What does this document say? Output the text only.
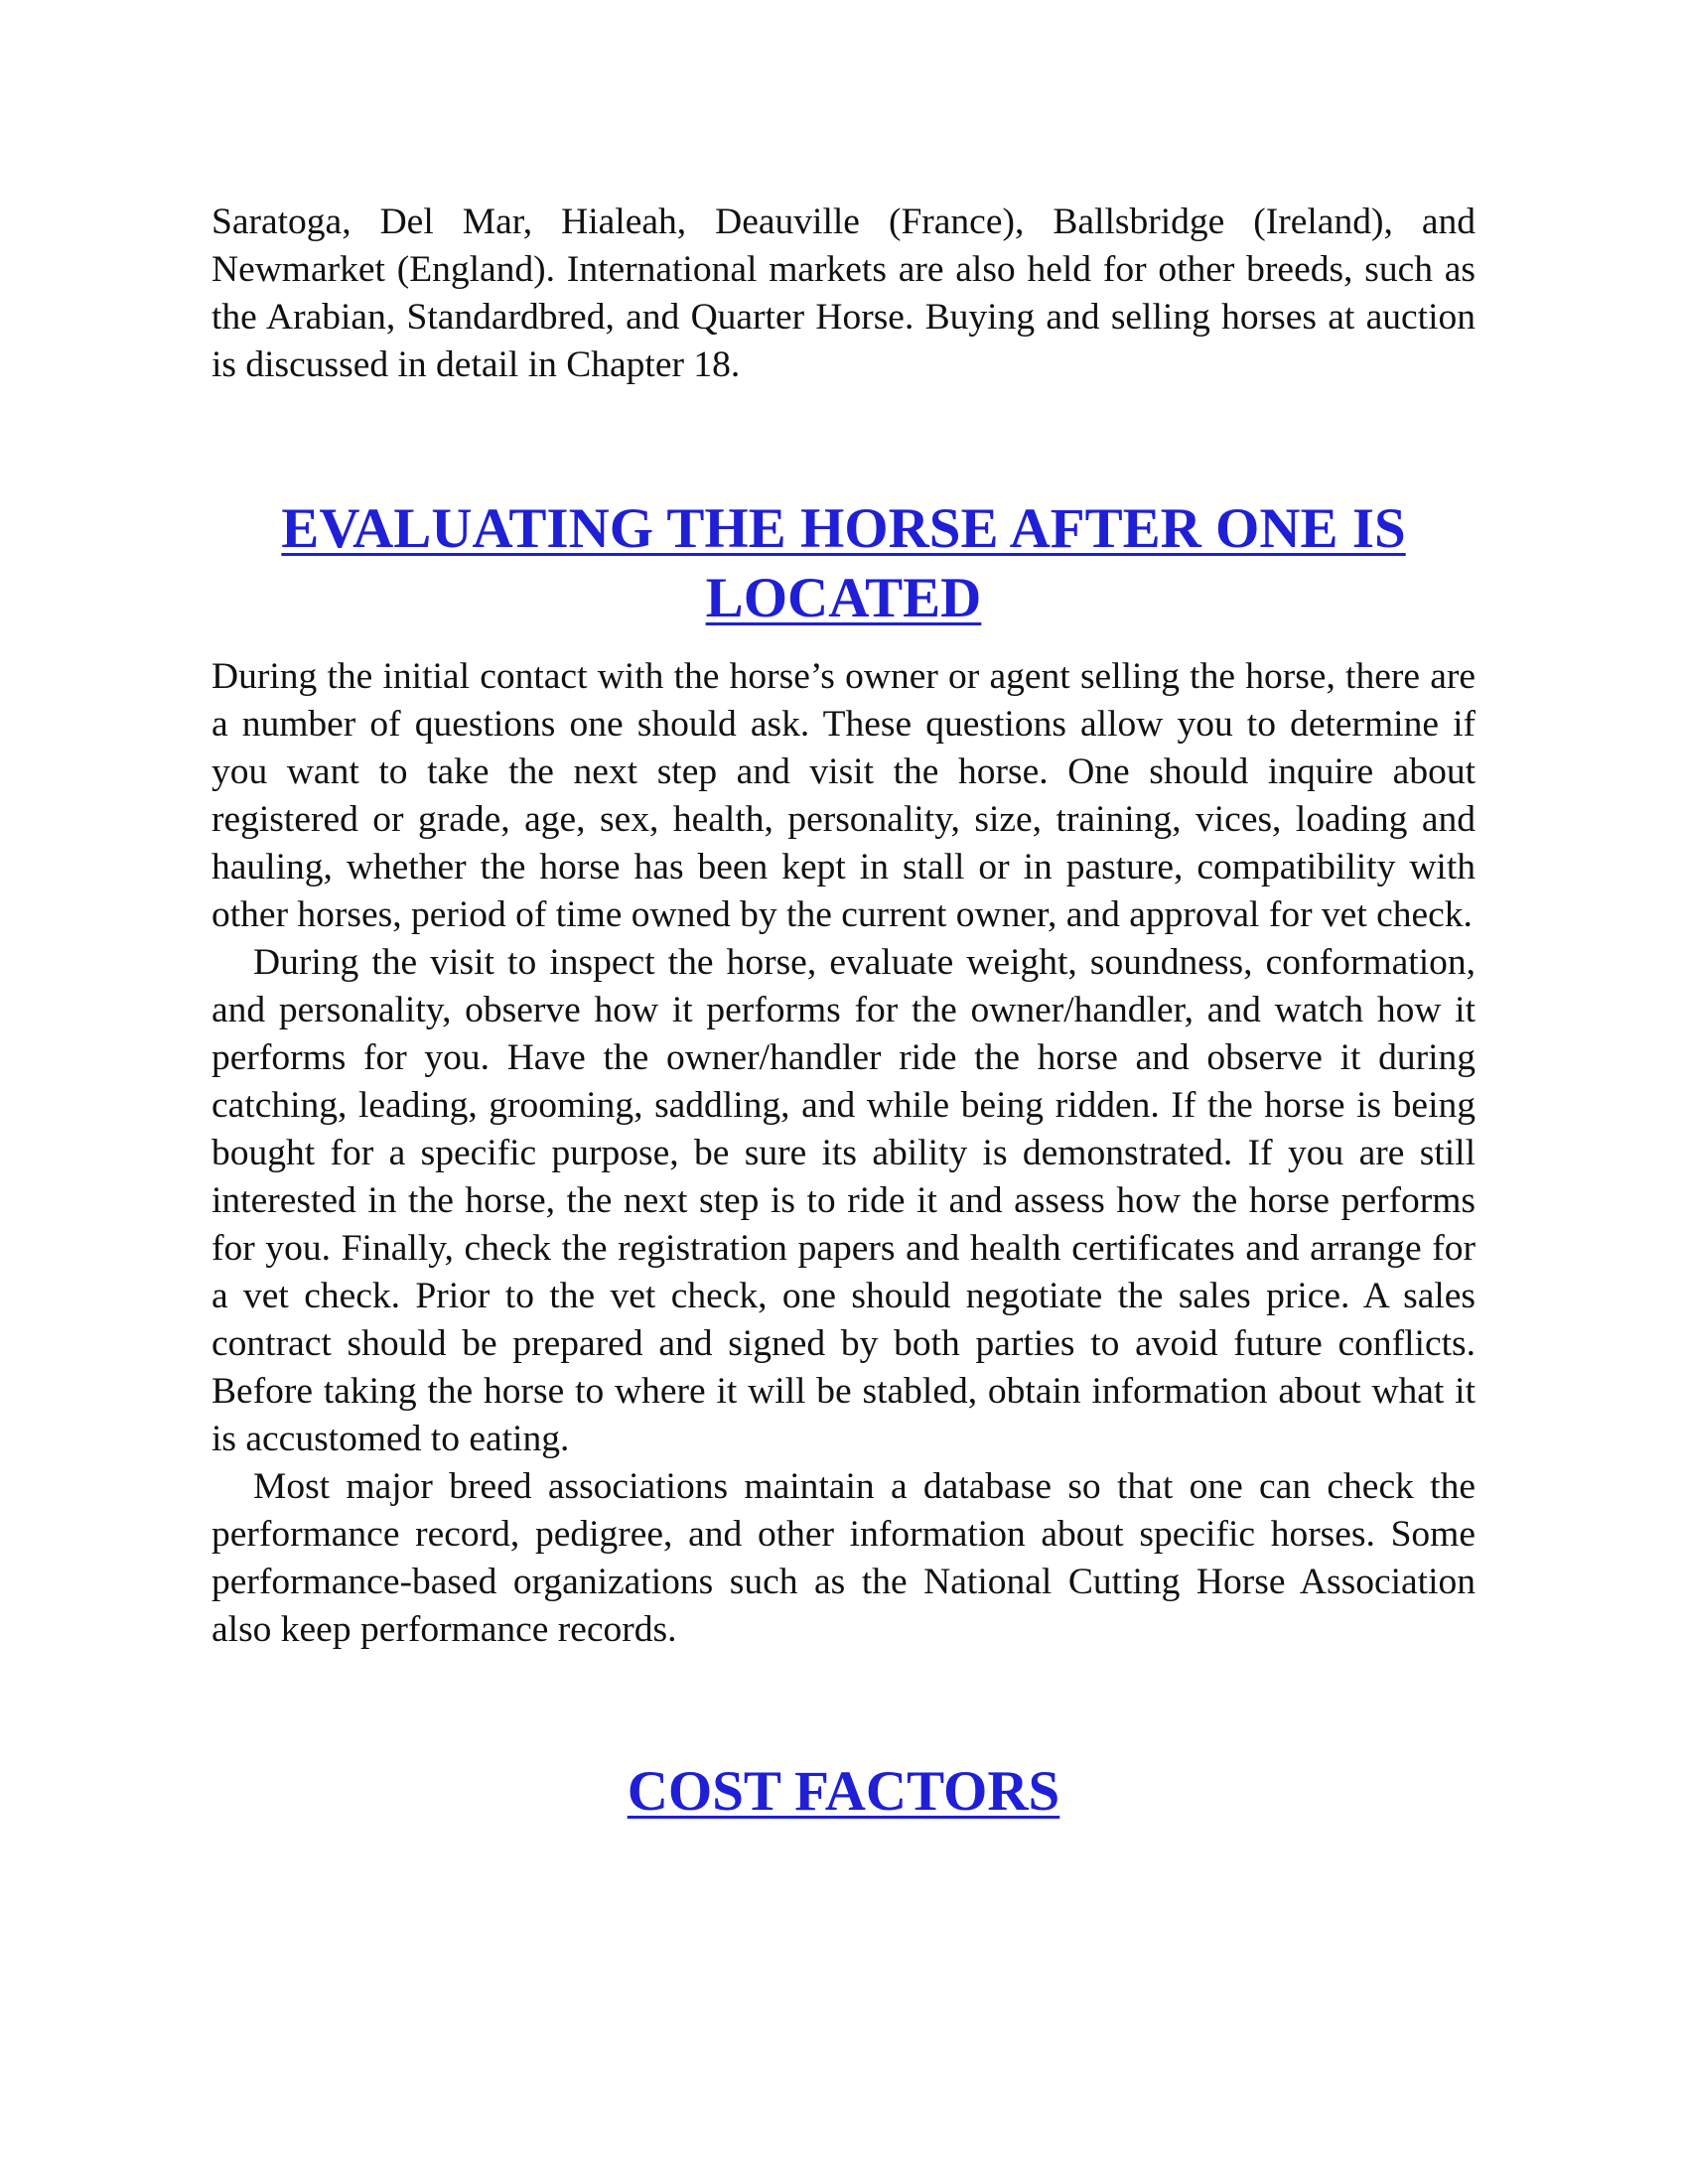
Saratoga, Del Mar, Hialeah, Deauville (France), Ballsbridge (Ireland), and Newmarket (England). International markets are also held for other breeds, such as the Arabian, Standardbred, and Quarter Horse. Buying and selling horses at auction is discussed in detail in Chapter 18.

EVALUATING THE HORSE AFTER ONE IS LOCATED

During the initial contact with the horse’s owner or agent selling the horse, there are a number of questions one should ask. These questions allow you to determine if you want to take the next step and visit the horse. One should inquire about registered or grade, age, sex, health, personality, size, training, vices, loading and hauling, whether the horse has been kept in stall or in pasture, compatibility with other horses, period of time owned by the current owner, and approval for vet check.

During the visit to inspect the horse, evaluate weight, soundness, conformation, and personality, observe how it performs for the owner/handler, and watch how it performs for you. Have the owner/handler ride the horse and observe it during catching, leading, grooming, saddling, and while being ridden. If the horse is being bought for a specific purpose, be sure its ability is demonstrated. If you are still interested in the horse, the next step is to ride it and assess how the horse performs for you. Finally, check the registration papers and health certificates and arrange for a vet check. Prior to the vet check, one should negotiate the sales price. A sales contract should be prepared and signed by both parties to avoid future conflicts. Before taking the horse to where it will be stabled, obtain information about what it is accustomed to eating.

Most major breed associations maintain a database so that one can check the performance record, pedigree, and other information about specific horses. Some performance-based organizations such as the National Cutting Horse Association also keep performance records.

COST FACTORS
